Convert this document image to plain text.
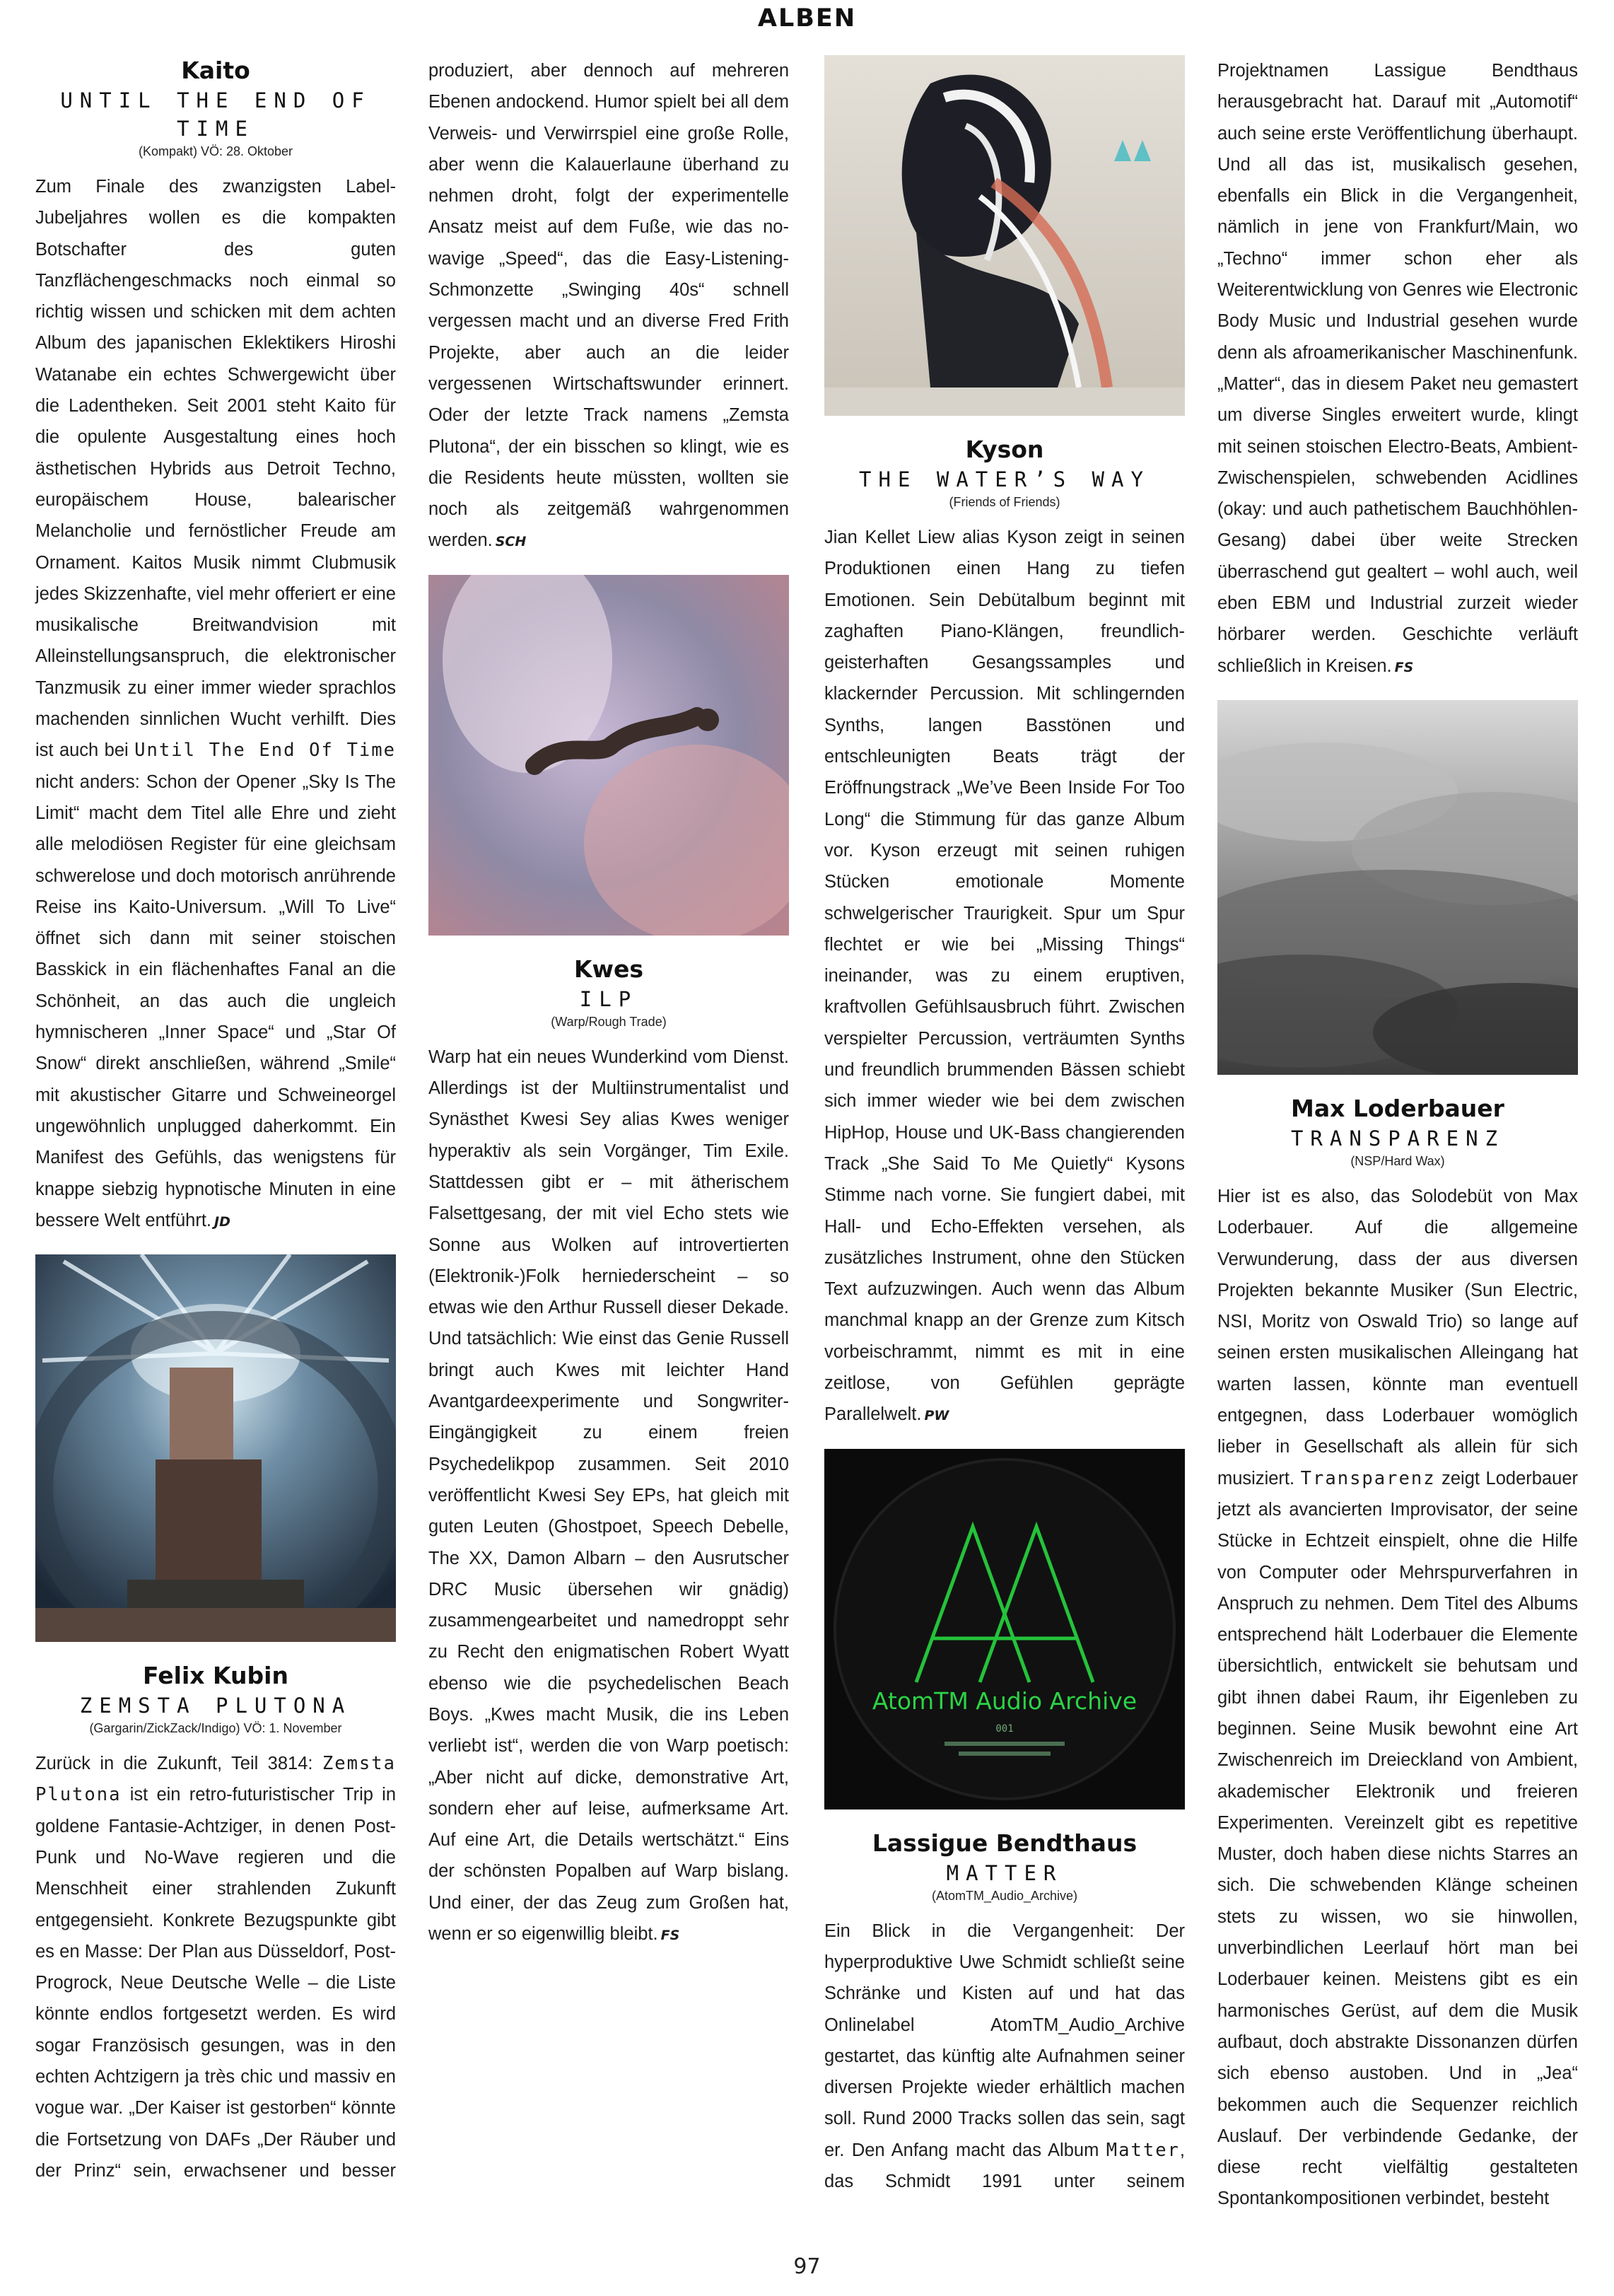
ALBEN
Kaito
UNTIL THE END OF TIME
(Kompakt) VÖ: 28. Oktober

Zum Finale des zwanzigsten Label-Jubeljahres wollen es die kompakten Botschafter des guten Tanzflächengeschmacks noch einmal so richtig wissen und schicken mit dem achten Album des japanischen Eklektikers Hiroshi Watanabe ein echtes Schwergewicht über die Ladentheken. Seit 2001 steht Kaito für die opulente Ausgestaltung eines hoch ästhetischen Hybrids aus Detroit Techno, europäischem House, balearischer Melancholie und fernöstlicher Freude am Ornament. Kaitos Musik nimmt Clubmusik jedes Skizzenhafte, viel mehr offeriert er eine musikalische Breitwandvision mit Alleinstellungsanspruch, die elektronischer Tanzmusik zu einer immer wieder sprachlos machenden sinnlichen Wucht verhilft. Dies ist auch bei Until The End Of Time nicht anders: Schon der Opener „Sky Is The Limit“ macht dem Titel alle Ehre und zieht alle melodiösen Register für eine gleichsam schwerelose und doch motorisch anrührende Reise ins Kaito-Universum. „Will To Live“ öffnet sich dann mit seiner stoischen Basskick in ein flächenhaftes Fanal an die Schönheit, an das auch die ungleich hymnischeren „Inner Space“ und „Star Of Snow“ direkt anschließen, während „Smile“ mit akustischer Gitarre und Schweineorgel ungewöhnlich unplugged daherkommt. Ein Manifest des Gefühls, das wenigstens für knappe siebzig hypnotische Minuten in eine bessere Welt entführt. JD

Felix Kubin
ZEMSTA PLUTONA
(Gargarin/ZickZack/Indigo) VÖ: 1. November

Zurück in die Zukunft, Teil 3814: Zemsta Plutona ist ein retro-futuristischer Trip in goldene Fantasie-Achtziger, in denen Post-Punk und No-Wave regieren und die Menschheit einer strahlenden Zukunft entgegensieht. Konkrete Bezugspunkte gibt es en Masse: Der Plan aus Düsseldorf, Post-Progrock, Neue Deutsche Welle – die Liste könnte endlos fortgesetzt werden. Es wird sogar Französisch gesungen, was in den echten Achtzigern ja très chic und massiv en vogue war. „Der Kaiser ist gestorben“ könnte die Fortsetzung von DAFs „Der Räuber und der Prinz“ sein, erwachsener und besser

produziert, aber dennoch auf mehreren Ebenen andockend. Humor spielt bei all dem Verweis- und Verwirrspiel eine große Rolle, aber wenn die Kalauerlaune überhand zu nehmen droht, folgt der experimentelle Ansatz meist auf dem Fuße, wie das no-wavige „Speed“, das die Easy-Listening-Schmonzette „Swinging 40s“ schnell vergessen macht und an diverse Fred Frith Projekte, aber auch an die leider vergessenen Wirtschaftswunder erinnert. Oder der letzte Track namens „Zemsta Plutona“, der ein bisschen so klingt, wie es die Residents heute müssten, wollten sie noch als zeitgemäß wahrgenommen werden. SCH

Kwes
ILP
(Warp/Rough Trade)

Warp hat ein neues Wunderkind vom Dienst. Allerdings ist der Multiinstrumentalist und Synästhet Kwesi Sey alias Kwes weniger hyperaktiv als sein Vorgänger, Tim Exile. Stattdessen gibt er – mit ätherischem Falsettgesang, der mit viel Echo stets wie Sonne aus Wolken auf introvertierten (Elektronik-)Folk herniederscheint – so etwas wie den Arthur Russell dieser Dekade. Und tatsächlich: Wie einst das Genie Russell bringt auch Kwes mit leichter Hand Avantgardeexperimente und Songwriter-Eingängigkeit zu einem freien Psychedelikpop zusammen. Seit 2010 veröffentlicht Kwesi Sey EPs, hat gleich mit guten Leuten (Ghostpoet, Speech Debelle, The XX, Damon Albarn – den Ausrutscher DRC Music übersehen wir gnädig) zusammengearbeitet und namedroppt sehr zu Recht den enigmatischen Robert Wyatt ebenso wie die psychedelischen Beach Boys. „Kwes macht Musik, die ins Leben verliebt ist“, werden die von Warp poetisch: „Aber nicht auf dicke, demonstrative Art, sondern eher auf leise, aufmerksame Art. Auf eine Art, die Details wertschätzt.“ Eins der schönsten Popalben auf Warp bislang. Und einer, der das Zeug zum Großen hat, wenn er so eigenwillig bleibt. FS

Kyson
THE WATER’S WAY
(Friends of Friends)

Jian Kellet Liew alias Kyson zeigt in seinen Produktionen einen Hang zu tiefen Emotionen. Sein Debütalbum beginnt mit zaghaften Piano-Klängen, freundlich-geisterhaften Gesangssamples und klackernder Percussion. Mit schlingernden Synths, langen Basstönen und entschleunigten Beats trägt der Eröffnungstrack „We’ve Been Inside For Too Long“ die Stimmung für das ganze Album vor. Kyson erzeugt mit seinen ruhigen Stücken emotionale Momente schwelgerischer Traurigkeit. Spur um Spur flechtet er wie bei „Missing Things“ ineinander, was zu einem eruptiven, kraftvollen Gefühlsausbruch führt. Zwischen verspielter Percussion, verträumten Synths und freundlich brummenden Bässen schiebt sich immer wieder wie bei dem zwischen HipHop, House und UK-Bass changierenden Track „She Said To Me Quietly“ Kysons Stimme nach vorne. Sie fungiert dabei, mit Hall- und Echo-Effekten versehen, als zusätzliches Instrument, ohne den Stücken Text aufzuzwingen. Auch wenn das Album manchmal knapp an der Grenze zum Kitsch vorbeischrammt, nimmt es mit in eine zeitlose, von Gefühlen geprägte Parallelwelt. PW

AtomTM Audio Archive
001
Lassigue Bendthaus
MATTER
(AtomTM_Audio_Archive)

Ein Blick in die Vergangenheit: Der hyperproduktive Uwe Schmidt schließt seine Schränke und Kisten auf und hat das Onlinelabel AtomTM_Audio_Archive gestartet, das künftig alte Aufnahmen seiner diversen Projekte wieder erhältlich machen soll. Rund 2000 Tracks sollen das sein, sagt er. Den Anfang macht das Album Matter, das Schmidt 1991 unter seinem

Projektnamen Lassigue Bendthaus herausgebracht hat. Darauf mit „Automotif“ auch seine erste Veröffentlichung überhaupt. Und all das ist, musikalisch gesehen, ebenfalls ein Blick in die Vergangenheit, nämlich in jene von Frankfurt/Main, wo „Techno“ immer schon eher als Weiterentwicklung von Genres wie Electronic Body Music und Industrial gesehen wurde denn als afroamerikanischer Maschinenfunk. „Matter“, das in diesem Paket neu gemastert um diverse Singles erweitert wurde, klingt mit seinen stoischen Electro-Beats, Ambient-Zwischenspielen, schwebenden Acidlines (okay: und auch pathetischem Bauchhöhlen-Gesang) dabei über weite Strecken überraschend gut gealtert – wohl auch, weil eben EBM und Industrial zurzeit wieder hörbarer werden. Geschichte verläuft schließlich in Kreisen. FS

Max Loderbauer
TRANSPARENZ
(NSP/Hard Wax)

Hier ist es also, das Solodebüt von Max Loderbauer. Auf die allgemeine Verwunderung, dass der aus diversen Projekten bekannte Musiker (Sun Electric, NSI, Moritz von Oswald Trio) so lange auf seinen ersten musikalischen Alleingang hat warten lassen, könnte man eventuell entgegnen, dass Loderbauer womöglich lieber in Gesellschaft als allein für sich musiziert. Transparenz zeigt Loderbauer jetzt als avancierten Improvisator, der seine Stücke in Echtzeit einspielt, ohne die Hilfe von Computer oder Mehrspurverfahren in Anspruch zu nehmen. Dem Titel des Albums entsprechend hält Loderbauer die Elemente übersichtlich, entwickelt sie behutsam und gibt ihnen dabei Raum, ihr Eigenleben zu beginnen. Seine Musik bewohnt eine Art Zwischenreich im Dreieckland von Ambient, akademischer Elektronik und freieren Experimenten. Vereinzelt gibt es repetitive Muster, doch haben diese nichts Starres an sich. Die schwebenden Klänge scheinen stets zu wissen, wo sie hinwollen, unverbindlichen Leerlauf hört man bei Loderbauer keinen. Meistens gibt es ein harmonisches Gerüst, auf dem die Musik aufbaut, doch abstrakte Dissonanzen dürfen sich ebenso austoben. Und in „Jea“ bekommen auch die Sequenzer reichlich Auslauf. Der verbindende Gedanke, der diese recht vielfältig gestalteten Spontankompositionen verbindet, besteht

97
